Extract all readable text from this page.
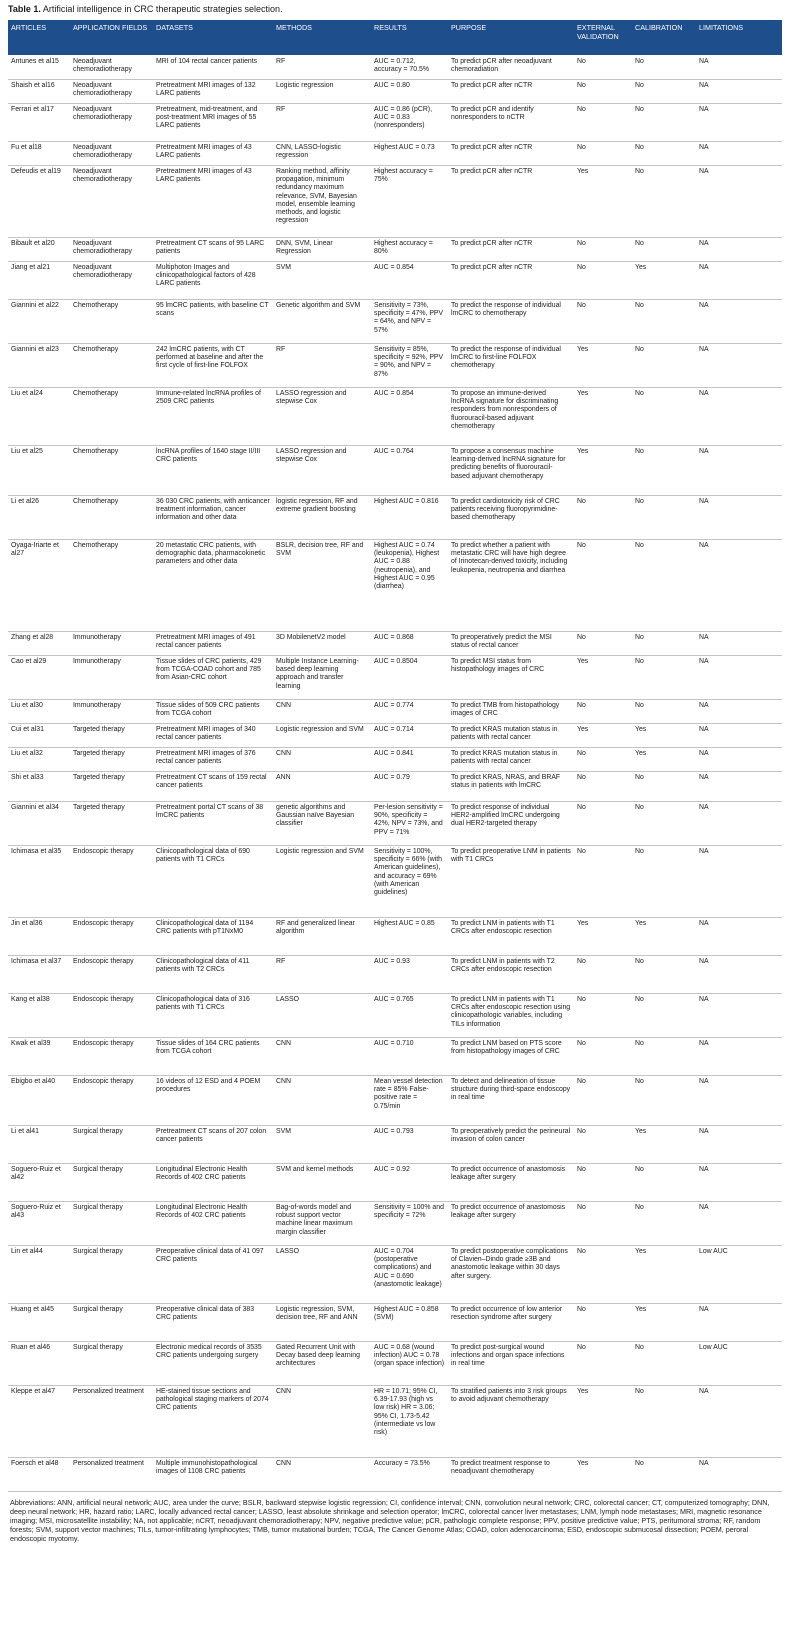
Table 1. Artificial intelligence in CRC therapeutic strategies selection.

ARTICLES	APPLICATION FIELDS	DATASETS	METHODS	RESULTS	PURPOSE	EXTERNAL VALIDATION	CALIBRATION	LIMITATIONS
Antunes et al15	Neoadjuvant chemoradiotherapy	MRI of 104 rectal cancer patients	RF	AUC = 0.712, accuracy = 70.5%	To predict pCR after neoadjuvant chemoradiation	No	No	NA
Shaish et al16	Neoadjuvant chemoradiotherapy	Pretreatment MRI images of 132 LARC patients	Logistic regression	AUC = 0.80	To predict pCR after nCTR	No	No	NA
Ferrari et al17	Neoadjuvant chemoradiotherapy	Pretreatment, mid-treatment, and post-treatment MRI images of 55 LARC patients	RF	AUC = 0.86 (pCR), AUC = 0.83 (nonresponders)	To predict pCR and identify nonresponders to nCTR	No	No	NA
Fu et al18	Neoadjuvant chemoradiotherapy	Pretreatment MRI images of 43 LARC patients	CNN, LASSO-logistic regression	Highest AUC = 0.73	To predict pCR after nCTR	No	No	NA
Defeudis et al19	Neoadjuvant chemoradiotherapy	Pretreatment MRI images of 43 LARC patients	Ranking method, affinity propagation, minimum redundancy maximum relevance, SVM, Bayesian model, ensemble learning methods, and logistic regression	Highest accuracy = 75%	To predict pCR after nCTR	Yes	No	NA
Bibault et al20	Neoadjuvant chemoradiotherapy	Pretreatment CT scans of 95 LARC patients	DNN, SVM, Linear Regression	Highest accuracy = 80%	To predict pCR after nCTR	No	No	NA
Jiang et al21	Neoadjuvant chemoradiotherapy	Multiphoton Images and clinicopathological factors of 428 LARC patients	SVM	AUC = 0.854	To predict pCR after nCTR	No	Yes	NA
Giannini et al22	Chemotherapy	95 lmCRC patients, with baseline CT scans	Genetic algorithm and SVM	Sensitivity = 73%, specificity = 47%, PPV = 64%, and NPV = 57%	To predict the response of individual lmCRC to chemotherapy	No	No	NA
Giannini et al23	Chemotherapy	242 lmCRC patients, with CT performed at baseline and after the first cycle of first-line FOLFOX	RF	Sensitivity = 85%, specificity = 92%, PPV = 90%, and NPV = 87%	To predict the response of individual lmCRC to first-line FOLFOX chemotherapy	Yes	No	NA
Liu et al24	Chemotherapy	Immune-related lncRNA profiles of 2509 CRC patients	LASSO regression and stepwise Cox	AUC = 0.854	To propose an immune-derived lncRNA signature for discriminating responders from nonresponders of fluorouracil-based adjuvant chemotherapy	Yes	No	NA
Liu et al25	Chemotherapy	lncRNA profiles of 1640 stage II/III CRC patients	LASSO regression and stepwise Cox	AUC = 0.764	To propose a consensus machine learning-derived lncRNA signature for predicting benefits of fluorouracil-based adjuvant chemotherapy	Yes	No	NA
Li et al26	Chemotherapy	36 030 CRC patients, with anticancer treatment information, cancer information and other data	logistic regression, RF and extreme gradient boosting	Highest AUC = 0.816	To predict cardiotoxicity risk of CRC patients receiving fluoropyrimidine-based chemotherapy	No	No	NA
Oyaga-Iriarte et al27	Chemotherapy	20 metastatic CRC patients, with demographic data, pharmacokinetic parameters and other data	BSLR, decision tree, RF and SVM	Highest AUC = 0.74 (leukopenia), Highest AUC = 0.88 (neutropenia), and Highest AUC = 0.95 (diarrhea)	To predict whether a patient with metastatic CRC will have high degree of Irinotecan-derived toxicity, including leukopenia, neutropenia and diarrhea	No	No	NA
Zhang et al28	Immunotherapy	Pretreatment MRI images of 491 rectal cancer patients	3D MobilenetV2 model	AUC = 0.868	To preoperatively predict the MSI status of rectal cancer	No	No	NA
Cao et al29	Immunotherapy	Tissue slides of CRC patients, 429 from TCGA-COAD cohort and 785 from Asian-CRC cohort	Multiple Instance Learning-based deep learning approach and transfer learning	AUC = 0.8504	To predict MSI status from histopathology images of CRC	Yes	No	NA
Liu et al30	Immunotherapy	Tissue slides of 509 CRC patients from TCGA cohort	CNN	AUC = 0.774	To predict TMB from histopathology images of CRC	No	No	NA
Cui et al31	Targeted therapy	Pretreatment MRI images of 340 rectal cancer patients	Logistic regression and SVM	AUC = 0.714	To predict KRAS mutation status in patients with rectal cancer	Yes	Yes	NA
Liu et al32	Targeted therapy	Pretreatment MRI images of 376 rectal cancer patients	CNN	AUC = 0.841	To predict KRAS mutation status in patients with rectal cancer	No	Yes	NA
Shi et al33	Targeted therapy	Pretreatment CT scans of 159 rectal cancer patients	ANN	AUC = 0.79	To predict KRAS, NRAS, and BRAF status in patients with lmCRC	No	No	NA
Giannini et al34	Targeted therapy	Pretreatment portal CT scans of 38 lmCRC patients	genetic algorithms and Gaussian naïve Bayesian classifier	Per-lesion sensitivity = 90%, specificity = 42%, NPV = 73%, and PPV = 71%	To predict response of individual HER2-amplified lmCRC undergoing dual HER2-targeted therapy	No	No	NA
Ichimasa et al35	Endoscopic therapy	Clinicopathological data of 690 patients with T1 CRCs	Logistic regression and SVM	Sensitivity = 100%, specificity = 66% (with American guidelines), and accuracy = 69% (with American guidelines)	To predict preoperative LNM in patients with T1 CRCs	No	No	NA
Jin et al36	Endoscopic therapy	Clinicopathological data of 1194 CRC patients with pT1NxM0	RF and generalized linear algorithm	Highest AUC = 0.85	To predict LNM in patients with T1 CRCs after endoscopic resection	Yes	Yes	NA
Ichimasa et al37	Endoscopic therapy	Clinicopathological data of 411 patients with T2 CRCs	RF	AUC = 0.93	To predict LNM in patients with T2 CRCs after endoscopic resection	No	No	NA
Kang et al38	Endoscopic therapy	Clinicopathological data of 316 patients with T1 CRCs	LASSO	AUC = 0.765	To predict LNM in patients with T1 CRCs after endoscopic resection using clinicopathologic variables, including TILs information	No	No	NA
Kwak et al39	Endoscopic therapy	Tissue slides of 164 CRC patients from TCGA cohort	CNN	AUC = 0.710	To predict LNM based on PTS score from histopathology images of CRC	No	No	NA
Ebigbo et al40	Endoscopic therapy	16 videos of 12 ESD and 4 POEM procedures	CNN	Mean vessel detection rate = 85% False-positive rate = 0.75/min	To detect and delineation of tissue structure during third-space endoscopy in real time	No	No	NA
Li et al41	Surgical therapy	Pretreatment CT scans of 207 colon cancer patients	SVM	AUC = 0.793	To preoperatively predict the perineural invasion of colon cancer	No	Yes	NA
Soguero-Ruiz et al42	Surgical therapy	Longitudinal Electronic Health Records of 402 CRC patients	SVM and kernel methods	AUC = 0.92	To predict occurrence of anastomosis leakage after surgery	No	No	NA
Soguero-Ruiz et al43	Surgical therapy	Longitudinal Electronic Health Records of 402 CRC patients	Bag-of-words model and robust support vector machine linear maximum margin classifier	Sensitivity = 100% and specificity = 72%	To predict occurrence of anastomosis leakage after surgery	No	No	NA
Lin et al44	Surgical therapy	Preoperative clinical data of 41 097 CRC patients	LASSO	AUC = 0.704 (postoperative complications) and AUC = 0.690 (anastomotic leakage)	To predict postoperative complications of Clavien–Dindo grade ≥3B and anastomotic leakage within 30 days after surgery.	No	Yes	Low AUC
Huang et al45	Surgical therapy	Preoperative clinical data of 383 CRC patients	Logistic regression, SVM, decision tree, RF and ANN	Highest AUC = 0.858 (SVM)	To predict occurrence of low anterior resection syndrome after surgery	No	Yes	NA
Ruan et al46	Surgical therapy	Electronic medical records of 3535 CRC patients undergoing surgery	Gated Recurrent Unit with Decay based deep learning architectures	AUC = 0.68 (wound infection) AUC = 0.78 (organ space infection)	To predict post-surgical wound infections and organ space infections in real time	No	No	Low AUC
Kleppe et al47	Personalized treatment	HE-stained tissue sections and pathological staging markers of 2074 CRC patients	CNN	HR = 10.71; 95% CI, 6.39-17.93 (high vs low risk) HR = 3.06; 95% CI, 1.73-5.42 (intermediate vs low risk)	To stratified patients into 3 risk groups to avoid adjuvant chemotherapy	Yes	No	NA
Foersch et al48	Personalized treatment	Multiple immunohistopathological images of 1108 CRC patients	CNN	Accuracy = 73.5%	To predict treatment response to neoadjuvant chemotherapy	Yes	No	NA

Abbreviations: ANN, artificial neural network; AUC, area under the curve; BSLR, backward stepwise logistic regression; CI, confidence interval; CNN, convolution neural network; CRC, colorectal cancer; CT, computerized tomography; DNN, deep neural network; HR, hazard ratio; LARC, locally advanced rectal cancer; LASSO, least absolute shrinkage and selection operator; lmCRC, colorectal cancer liver metastases; LNM, lymph node metastases; MRI, magnetic resonance imaging; MSI, microsatellite instability; NA, not applicable; nCRT, neoadjuvant chemoradiotherapy; NPV, negative predictive value; pCR, pathologic complete response; PPV, positive predictive value; PTS, peritumoral stroma; RF, random forests; SVM, support vector machines; TILs, tumor-infiltrating lymphocytes; TMB, tumor mutational burden; TCGA, The Cancer Genome Atlas; COAD, colon adenocarcinoma; ESD, endoscopic submucosal dissection; POEM, peroral endoscopic myotomy.
